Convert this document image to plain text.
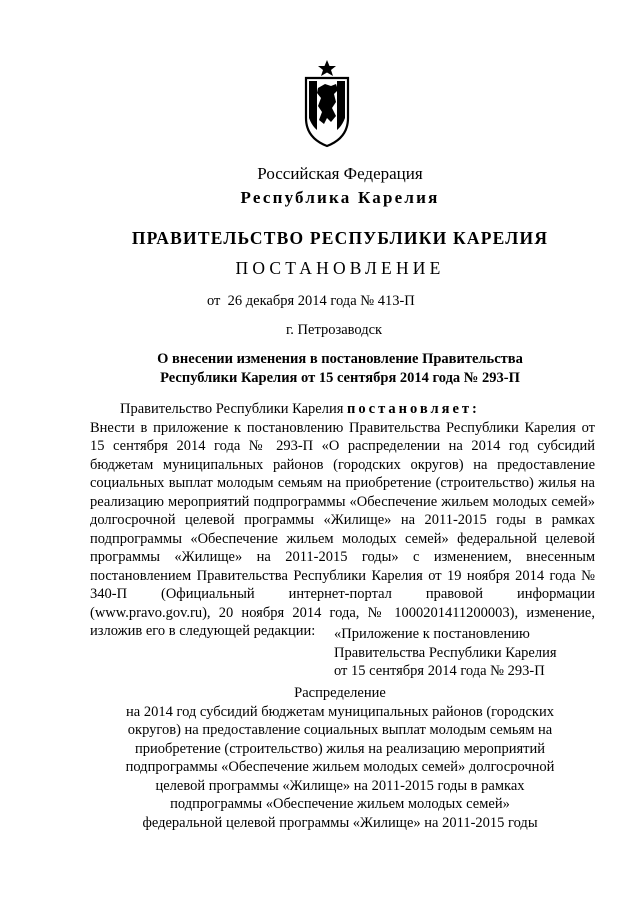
Российская Федерация
Республика Карелия
ПРАВИТЕЛЬСТВО РЕСПУБЛИКИ КАРЕЛИЯ
ПОСТАНОВЛЕНИЕ
от  26 декабря 2014 года № 413-П
г. Петрозаводск
О внесении изменения в постановление Правительства
Республики Карелия от 15 сентября 2014 года № 293-П
Правительство Республики Карелия постановляет:
Внести в приложение к постановлению Правительства Республики Карелия от 15 сентября 2014 года № 293-П «О распределении на 2014 год субсидий бюджетам муниципальных районов (городских округов) на предоставление социальных выплат молодым семьям на приобретение (строительство) жилья на реализацию мероприятий подпрограммы «Обеспечение жильем молодых семей» долгосрочной целевой программы «Жилище» на 2011-2015 годы в рамках подпрограммы «Обеспечение жильем молодых семей» федеральной целевой программы «Жилище» на 2011-2015 годы» с изменением, внесенным постановлением Правительства Республики Карелия от 19 ноября 2014 года № 340-П (Официальный интернет-портал правовой информации (www.pravo.gov.ru), 20 ноября 2014 года, № 1000201411200003), изменение, изложив его в следующей редакции:	«Приложение к постановлению
Правительства Республики Карелия
от 15 сентября 2014 года № 293-П
Распределение
на 2014 год субсидий бюджетам муниципальных районов (городских
округов) на предоставление социальных выплат молодым семьям на
приобретение (строительство) жилья на реализацию мероприятий
подпрограммы «Обеспечение жильем молодых семей» долгосрочной
целевой программы «Жилище» на 2011-2015 годы в рамках
подпрограммы «Обеспечение жильем молодых семей»
федеральной целевой программы «Жилище» на 2011-2015 годы
